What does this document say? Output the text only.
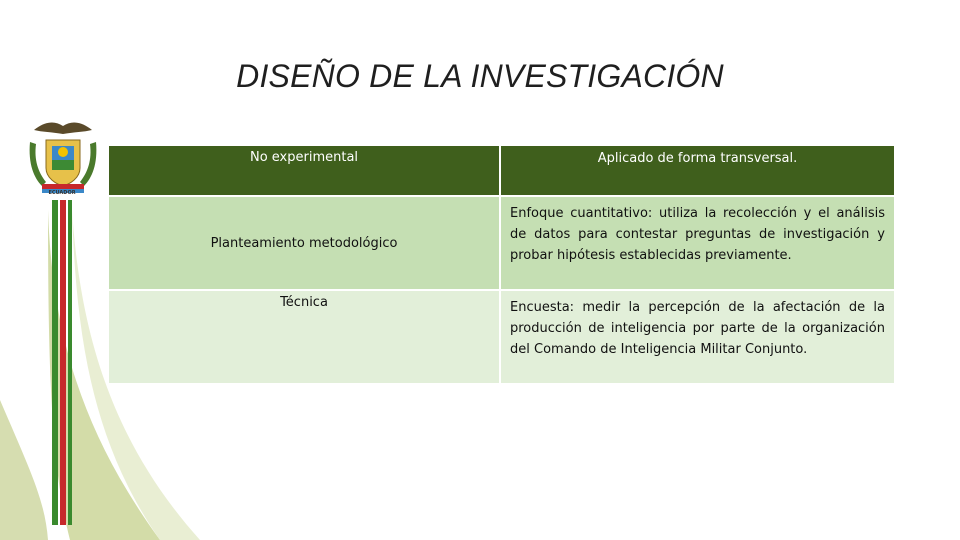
ECUADOR
DISEÑO DE LA INVESTIGACIÓN
No experimental	Aplicado de forma transversal.
Planteamiento metodológico	Enfoque cuantitativo: utiliza la recolección y el análisis de datos para contestar preguntas de investigación y probar hipótesis establecidas previamente.

Técnica	Encuesta: medir la percepción de la afectación de la producción de inteligencia por parte de la organización del Comando de Inteligencia Militar Conjunto.
